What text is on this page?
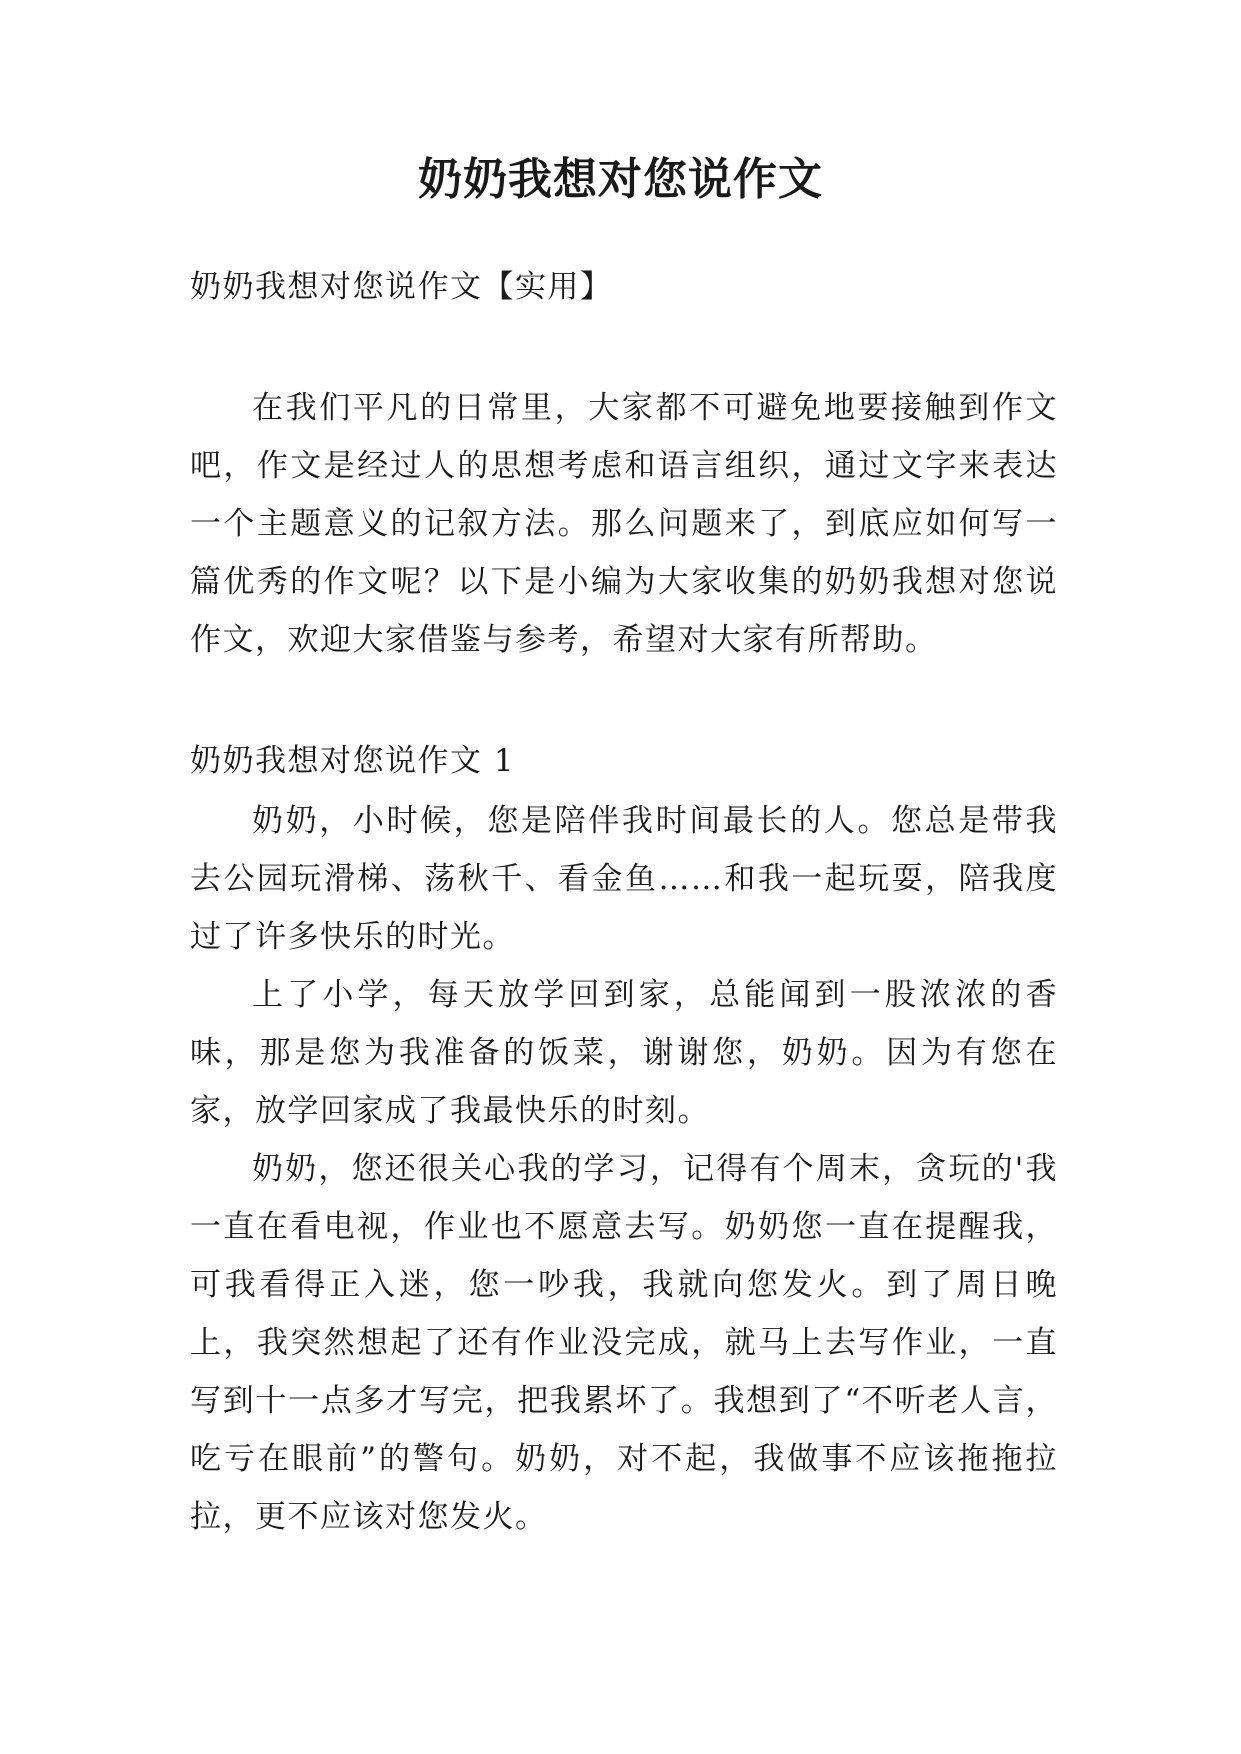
奶奶我想对您说作文

奶奶我想对您说作文【实用】

在我们平凡的日常里，大家都不可避免地要接触到作文吧，作文是经过人的思想考虑和语言组织，通过文字来表达一个主题意义的记叙方法。那么问题来了，到底应如何写一篇优秀的作文呢？以下是小编为大家收集的奶奶我想对您说作文，欢迎大家借鉴与参考，希望对大家有所帮助。

奶奶我想对您说作文 1

奶奶，小时候，您是陪伴我时间最长的人。您总是带我去公园玩滑梯、荡秋千、看金鱼……和我一起玩耍，陪我度过了许多快乐的时光。

上了小学，每天放学回到家，总能闻到一股浓浓的香味，那是您为我准备的饭菜，谢谢您，奶奶。因为有您在家，放学回家成了我最快乐的时刻。

奶奶，您还很关心我的学习，记得有个周末，贪玩的'我一直在看电视，作业也不愿意去写。奶奶您一直在提醒我，可我看得正入迷，您一吵我，我就向您发火。到了周日晚上，我突然想起了还有作业没完成，就马上去写作业，一直写到十一点多才写完，把我累坏了。我想到了“不听老人言，吃亏在眼前”的警句。奶奶，对不起，我做事不应该拖拖拉拉，更不应该对您发火。
